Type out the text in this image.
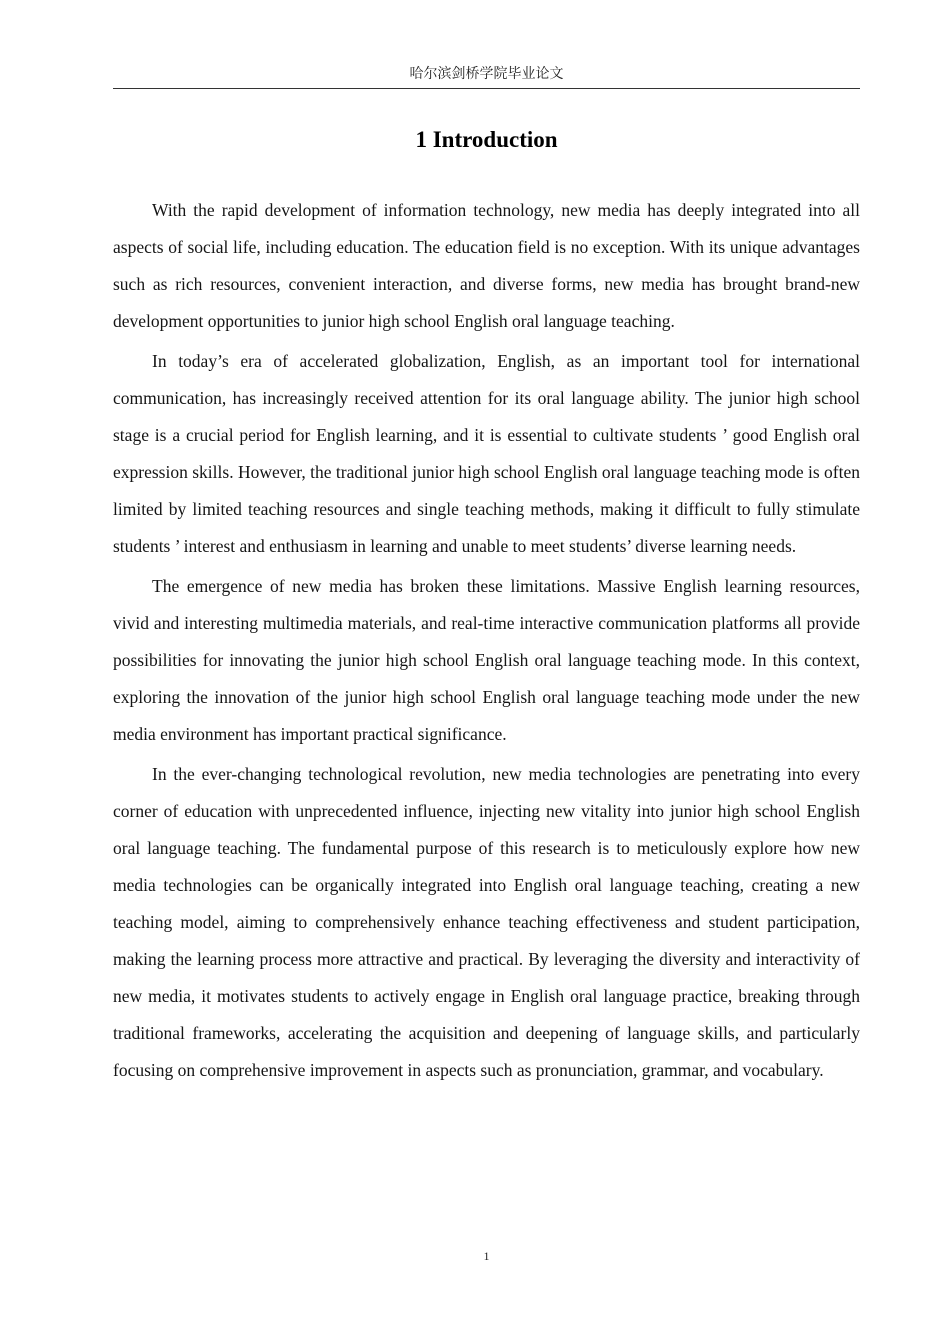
哈尔滨剑桥学院毕业论文
1 Introduction

With the rapid development of information technology, new media has deeply integrated into all aspects of social life, including education. The education field is no exception. With its unique advantages such as rich resources, convenient interaction, and diverse forms, new media has brought brand-new development opportunities to junior high school English oral language teaching.

In today’s era of accelerated globalization, English, as an important tool for international communication, has increasingly received attention for its oral language ability. The junior high school stage is a crucial period for English learning, and it is essential to cultivate students ’ good English oral expression skills. However, the traditional junior high school English oral language teaching mode is often limited by limited teaching resources and single teaching methods, making it difficult to fully stimulate students ’ interest and enthusiasm in learning and unable to meet students’ diverse learning needs.

The emergence of new media has broken these limitations. Massive English learning resources, vivid and interesting multimedia materials, and real-time interactive communication platforms all provide possibilities for innovating the junior high school English oral language teaching mode. In this context, exploring the innovation of the junior high school English oral language teaching mode under the new media environment has important practical significance.

In the ever-changing technological revolution, new media technologies are penetrating into every corner of education with unprecedented influence, injecting new vitality into junior high school English oral language teaching. The fundamental purpose of this research is to meticulously explore how new media technologies can be organically integrated into English oral language teaching, creating a new teaching model, aiming to comprehensively enhance teaching effectiveness and student participation, making the learning process more attractive and practical. By leveraging the diversity and interactivity of new media, it motivates students to actively engage in English oral language practice, breaking through traditional frameworks, accelerating the acquisition and deepening of language skills, and particularly focusing on comprehensive improvement in aspects such as pronunciation, grammar, and vocabulary.

1
